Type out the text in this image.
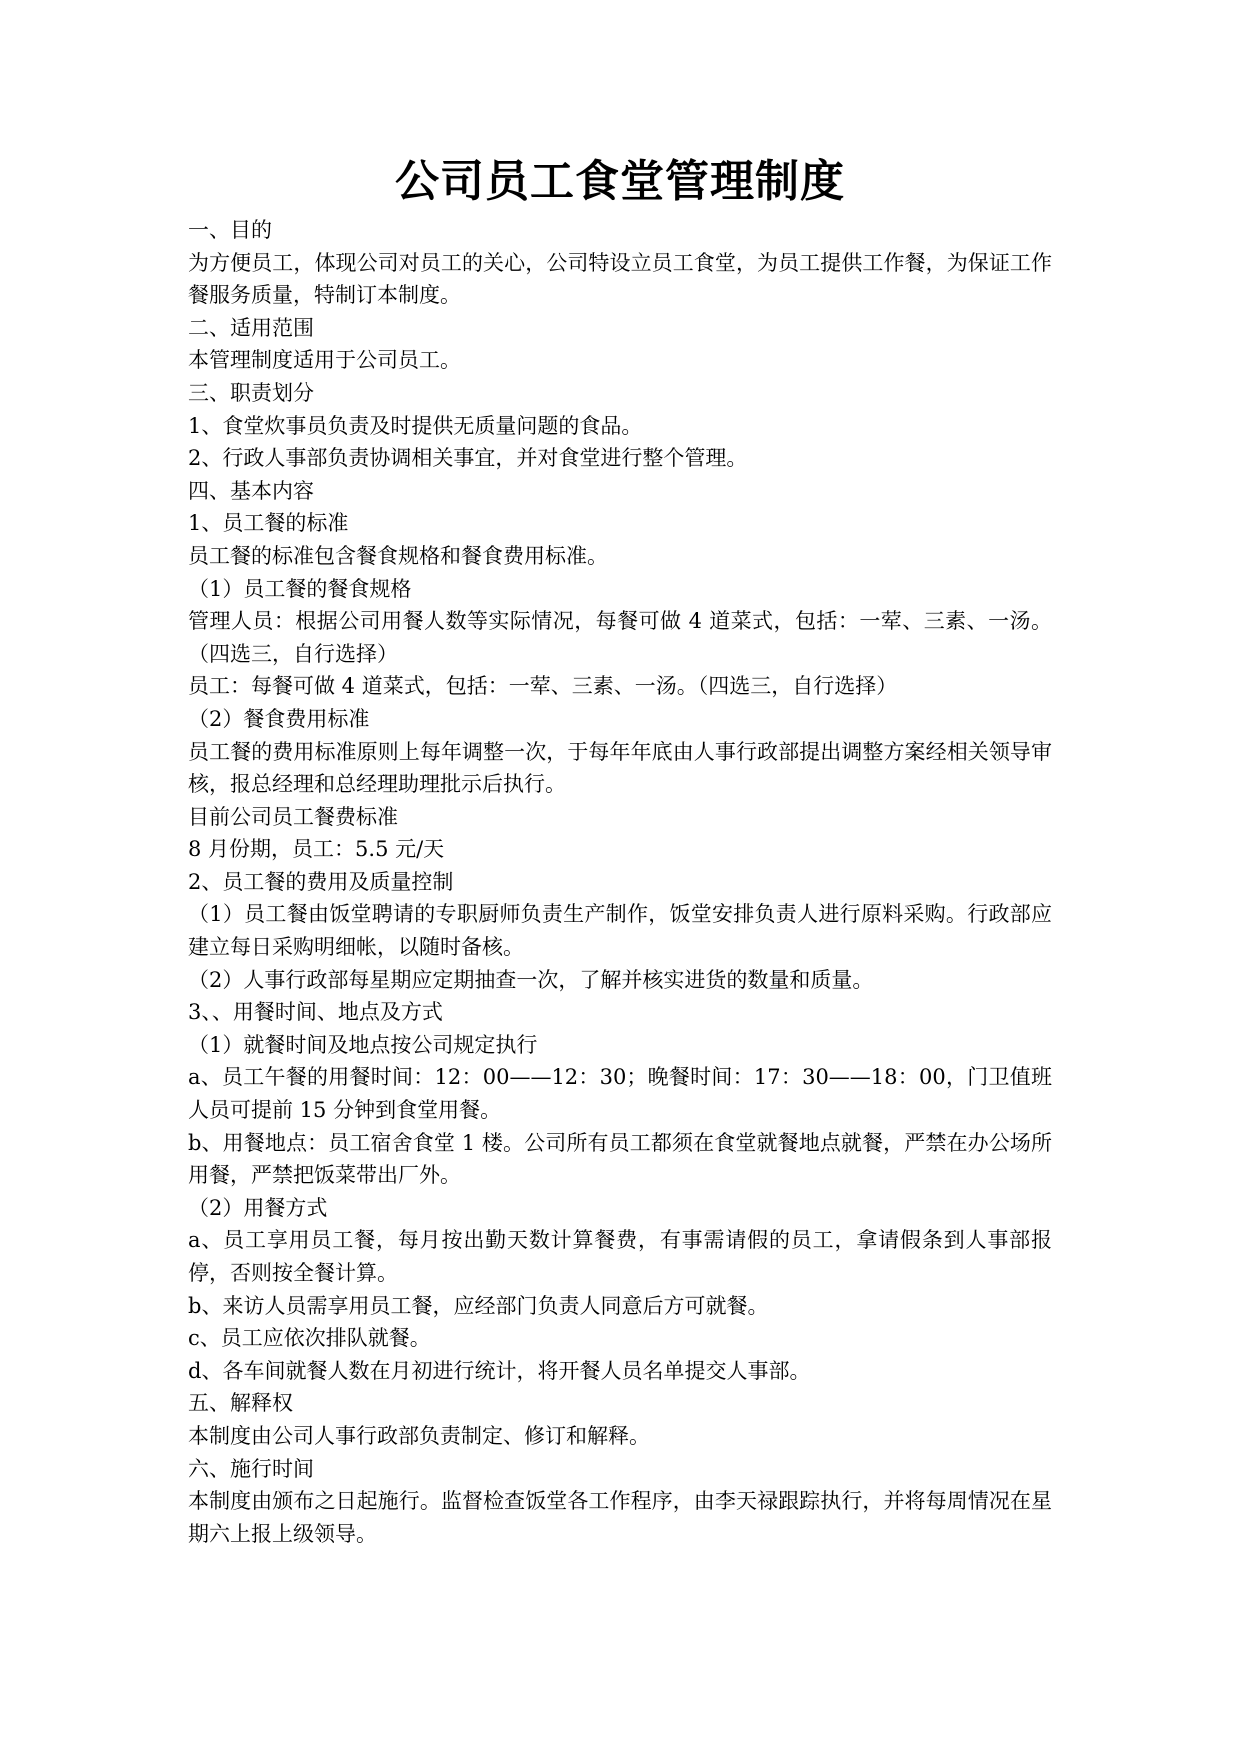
公司员工食堂管理制度

一、目的

为方便员工，体现公司对员工的关心，公司特设立员工食堂，为员工提供工作餐，为保证工作餐服务质量，特制订本制度。

二、适用范围

本管理制度适用于公司员工。

三、职责划分

1、食堂炊事员负责及时提供无质量问题的食品。

2、行政人事部负责协调相关事宜，并对食堂进行整个管理。

四、基本内容

1、员工餐的标准

员工餐的标准包含餐食规格和餐食费用标准。

（1）员工餐的餐食规格

管理人员：根据公司用餐人数等实际情况，每餐可做 4 道菜式，包括：一荤、三素、一汤。（四选三，自行选择）

员工：每餐可做 4 道菜式，包括：一荤、三素、一汤。（四选三，自行选择）

（2）餐食费用标准

员工餐的费用标准原则上每年调整一次，于每年年底由人事行政部提出调整方案经相关领导审核，报总经理和总经理助理批示后执行。

目前公司员工餐费标准

8 月份期，员工：5.5 元/天

2、员工餐的费用及质量控制

（1）员工餐由饭堂聘请的专职厨师负责生产制作，饭堂安排负责人进行原料采购。行政部应建立每日采购明细帐，以随时备核。

（2）人事行政部每星期应定期抽查一次，了解并核实进货的数量和质量。

3、、用餐时间、地点及方式

（1）就餐时间及地点按公司规定执行

a、员工午餐的用餐时间：12：00——12：30；晚餐时间：17：30——18：00，门卫值班人员可提前 15 分钟到食堂用餐。

b、用餐地点：员工宿舍食堂 1 楼。公司所有员工都须在食堂就餐地点就餐，严禁在办公场所用餐，严禁把饭菜带出厂外。

（2）用餐方式

a、员工享用员工餐，每月按出勤天数计算餐费，有事需请假的员工，拿请假条到人事部报停，否则按全餐计算。

b、来访人员需享用员工餐，应经部门负责人同意后方可就餐。

c、员工应依次排队就餐。

d、各车间就餐人数在月初进行统计，将开餐人员名单提交人事部。

五、解释权

本制度由公司人事行政部负责制定、修订和解释。

六、施行时间

本制度由颁布之日起施行。监督检查饭堂各工作程序，由李天禄跟踪执行，并将每周情况在星期六上报上级领导。
